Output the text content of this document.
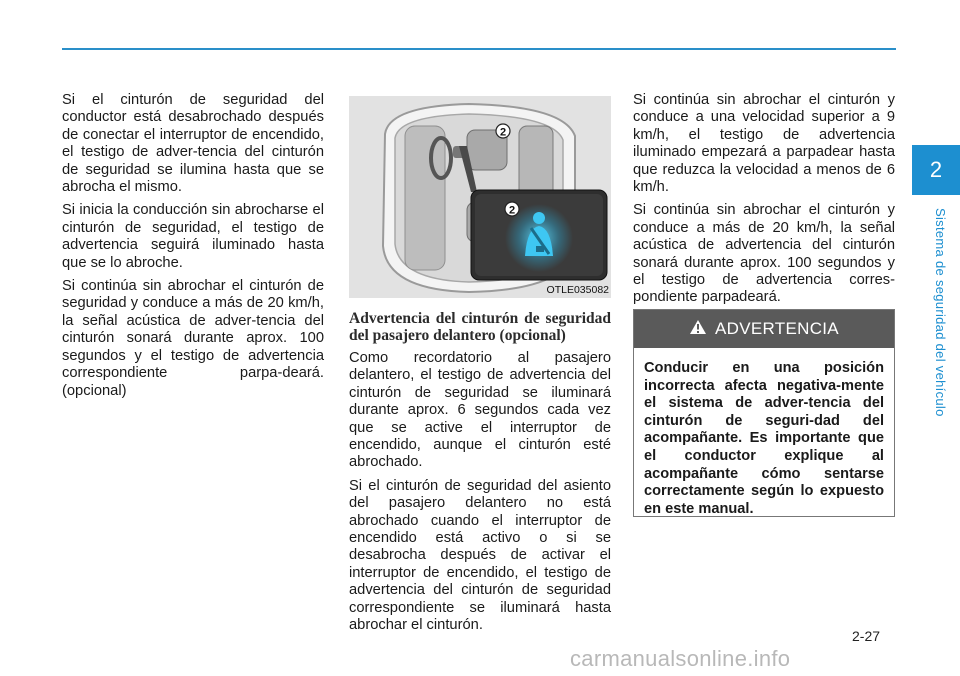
2
Sistema de seguridad del vehículo

Si el cinturón de seguridad del conductor está desabrochado después de conectar el interruptor de encendido, el testigo de adver-tencia del cinturón de seguridad se ilumina hasta que se abrocha el mismo.

Si inicia la conducción sin abrocharse el cinturón de seguridad, el testigo de advertencia seguirá iluminado hasta que se lo abroche.

Si continúa sin abrochar el cinturón de seguridad y conduce a más de 20 km/h, la señal acústica de adver-tencia del cinturón sonará durante aprox. 100 segundos y el testigo de advertencia correspondiente parpa-deará. (opcional)

2
2
OTLE035082

Advertencia del cinturón de seguridad del pasajero delantero (opcional)

Como recordatorio al pasajero delantero, el testigo de advertencia del cinturón de seguridad se iluminará durante aprox. 6 segundos cada vez que se active el interruptor de encendido, aunque el cinturón esté abrochado.

Si el cinturón de seguridad del asiento del pasajero delantero no está abrochado cuando el interruptor de encendido está activo o si se desabrocha después de activar el interruptor de encendido, el testigo de advertencia del cinturón de seguridad correspondiente se iluminará hasta abrochar el cinturón.

Si continúa sin abrochar el cinturón y conduce a una velocidad superior a 9 km/h, el testigo de advertencia iluminado empezará a parpadear hasta que reduzca la velocidad a menos de 6 km/h.

Si continúa sin abrochar el cinturón y conduce a más de 20 km/h, la señal acústica de advertencia del cinturón sonará durante aprox. 100 segundos y el testigo de advertencia corres-pondiente parpadeará.

ADVERTENCIA
Conducir en una posición incorrecta afecta negativa-mente el sistema de adver-tencia del cinturón de seguri-dad del acompañante. Es importante que el conductor explique al acompañante cómo sentarse correctamente según lo expuesto en este manual.
2-27
carmanualsonline.info
